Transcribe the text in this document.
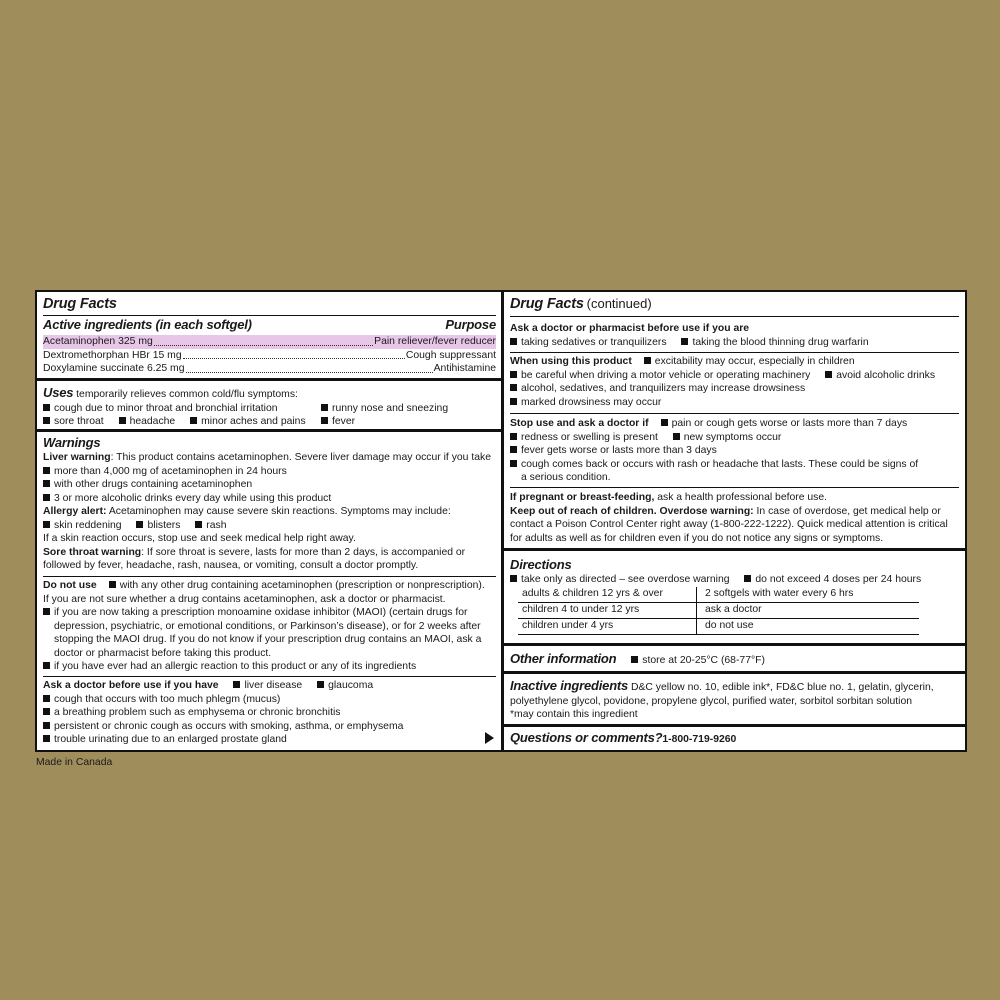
Drug Facts
Active ingredients (in each softgel)	Purpose
Acetaminophen 325 mg	Pain reliever/fever reducer
Dextromethorphan HBr 15 mg	Cough suppressant
Doxylamine succinate 6.25 mg	Antihistamine
Uses temporarily relieves common cold/flu symptoms:
cough due to minor throat and bronchial irritation	runny nose and sneezing
sore throat headache minor aches and pains	fever
Warnings
Liver warning: This product contains acetaminophen. Severe liver damage may occur if you take
more than 4,000 mg of acetaminophen in 24 hours
with other drugs containing acetaminophen
3 or more alcoholic drinks every day while using this product
Allergy alert: Acetaminophen may cause severe skin reactions. Symptoms may include:
skin reddening blisters rash
If a skin reaction occurs, stop use and seek medical help right away.
Sore throat warning: If sore throat is severe, lasts for more than 2 days, is accompanied or
followed by fever, headache, rash, nausea, or vomiting, consult a doctor promptly.
Do not use with any other drug containing acetaminophen (prescription or nonprescription).
If you are not sure whether a drug contains acetaminophen, ask a doctor or pharmacist.
if you are now taking a prescription monoamine oxidase inhibitor (MAOI) (certain drugs for
depression, psychiatric, or emotional conditions, or Parkinson’s disease), or for 2 weeks after
stopping the MAOI drug. If you do not know if your prescription drug contains an MAOI, ask a
doctor or pharmacist before taking this product.
if you have ever had an allergic reaction to this product or any of its ingredients
Ask a doctor before use if you have liver disease glaucoma
cough that occurs with too much phlegm (mucus)
a breathing problem such as emphysema or chronic bronchitis
persistent or chronic cough as occurs with smoking, asthma, or emphysema
trouble urinating due to an enlarged prostate gland
Drug Facts (continued)
Ask a doctor or pharmacist before use if you are
taking sedatives or tranquilizers taking the blood thinning drug warfarin
When using this product excitability may occur, especially in children
be careful when driving a motor vehicle or operating machinery avoid alcoholic drinks
alcohol, sedatives, and tranquilizers may increase drowsiness
marked drowsiness may occur
Stop use and ask a doctor if pain or cough gets worse or lasts more than 7 days
redness or swelling is present new symptoms occur
fever gets worse or lasts more than 3 days
cough comes back or occurs with rash or headache that lasts. These could be signs of
a serious condition.
If pregnant or breast-feeding, ask a health professional before use.
Keep out of reach of children. Overdose warning: In case of overdose, get medical help or
contact a Poison Control Center right away (1-800-222-1222). Quick medical attention is critical
for adults as well as for children even if you do not notice any signs or symptoms.
Directions
take only as directed – see overdose warning do not exceed 4 doses per 24 hours
adults & children 12 yrs & over	2 softgels with water every 6 hrs
children 4 to under 12 yrs	ask a doctor
children under 4 yrs	do not use
Other information store at 20-25°C (68-77°F)
Inactive ingredients D&C yellow no. 10, edible ink*, FD&C blue no. 1, gelatin, glycerin,
polyethylene glycol, povidone, propylene glycol, purified water, sorbitol sorbitan solution
*may contain this ingredient
Questions or comments?1-800-719-9260
Made in Canada
